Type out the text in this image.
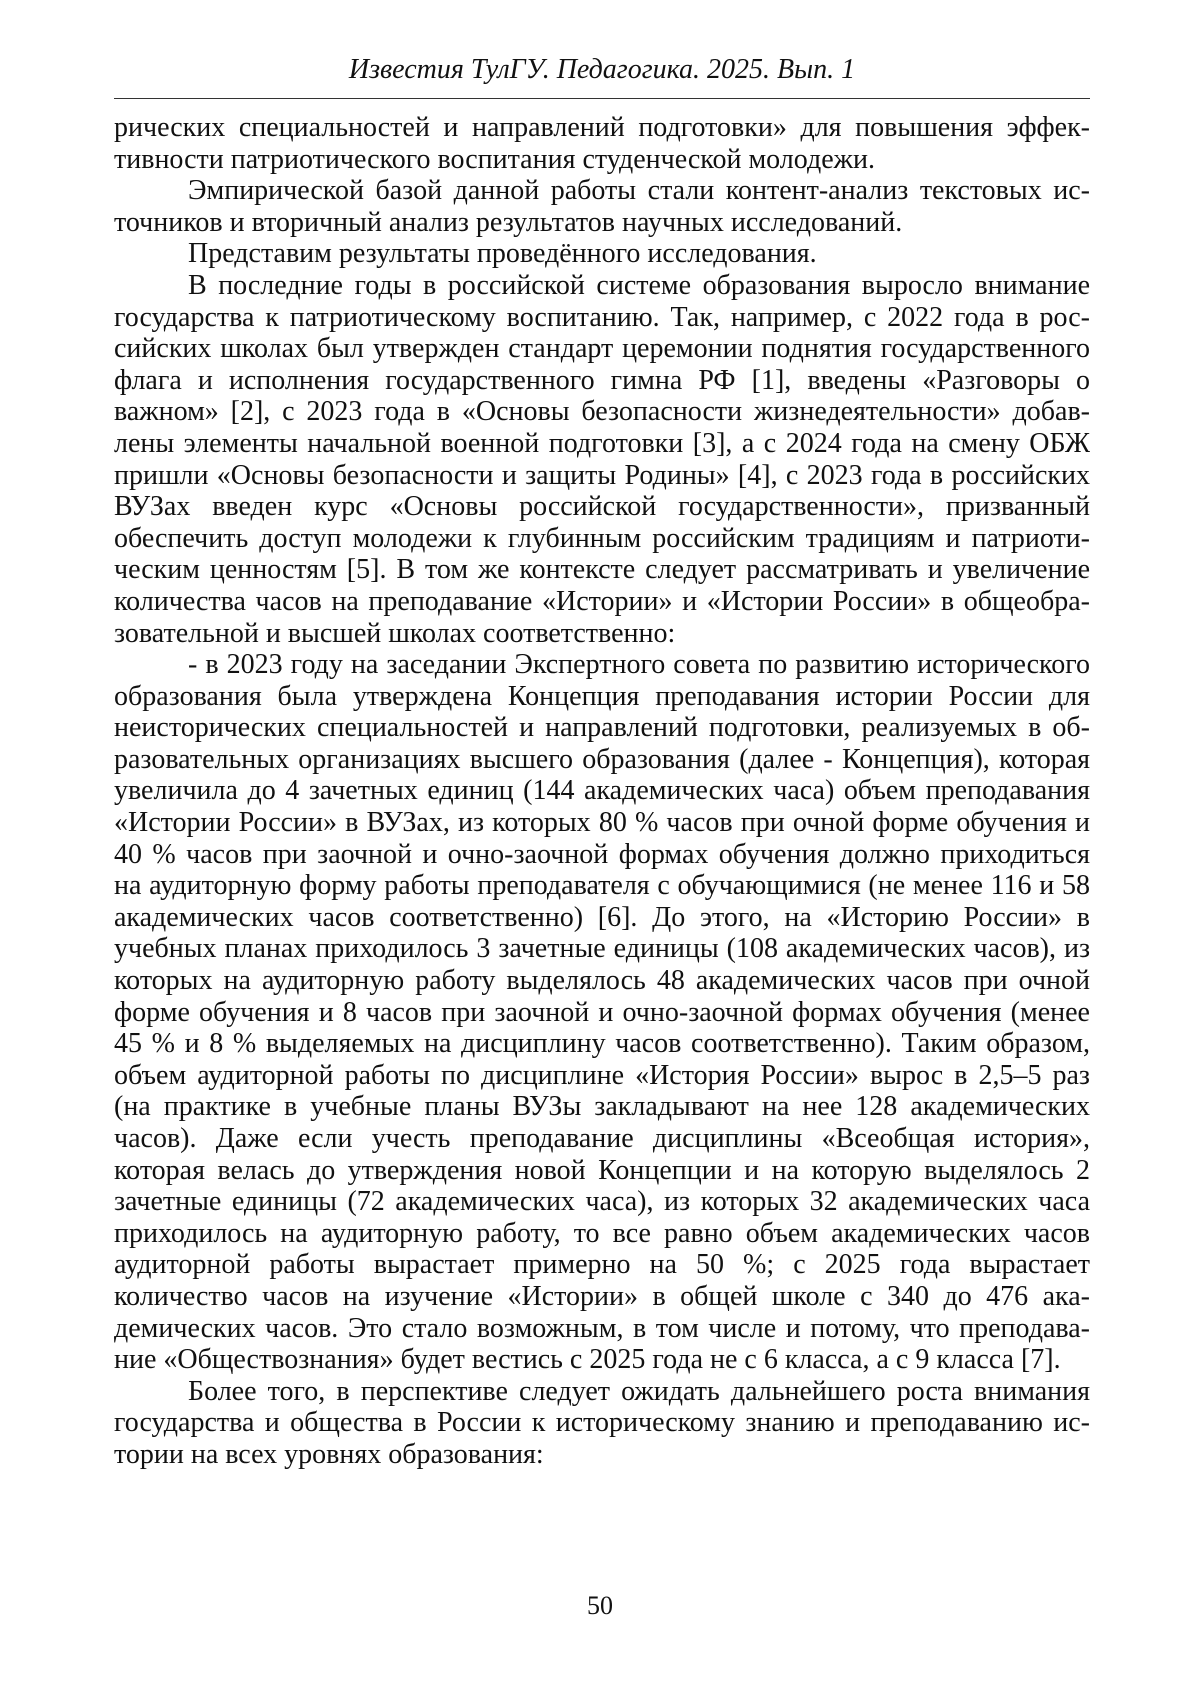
Известия ТулГУ. Педагогика. 2025. Вып. 1

рических специальностей и направлений подготовки» для повышения эффективности патриотического воспитания студенческой молодежи.

Эмпирической базой данной работы стали контент-анализ текстовых источников и вторичный анализ результатов научных исследований.

Представим результаты проведённого исследования.

В последние годы в российской системе образования выросло внимание государства к патриотическому воспитанию. Так, например, с 2022 года в российских школах был утвержден стандарт церемонии поднятия государственного флага и исполнения государственного гимна РФ [1], введены «Разговоры о важном» [2], с 2023 года в «Основы безопасности жизнедеятельности» добавлены элементы начальной военной подготовки [3], а с 2024 года на смену ОБЖ пришли «Основы безопасности и защиты Родины» [4], с 2023 года в российских ВУЗах введен курс «Основы российской государственности», призванный обеспечить доступ молодежи к глубинным российским традициям и патриотическим ценностям [5]. В том же контексте следует рассматривать и увеличение количества часов на преподавание «Истории» и «Истории России» в общеобразовательной и высшей школах соответственно:

- в 2023 году на заседании Экспертного совета по развитию исторического образования была утверждена Концепция преподавания истории России для неисторических специальностей и направлений подготовки, реализуемых в образовательных организациях высшего образования (далее - Концепция), которая увеличила до 4 зачетных единиц (144 академических часа) объем преподавания «Истории России» в ВУЗах, из которых 80 % часов при очной форме обучения и 40 % часов при заочной и очно-заочной формах обучения должно приходиться на аудиторную форму работы преподавателя с обучающимися (не менее 116 и 58 академических часов соответственно) [6]. До этого, на «Историю России» в учебных планах приходилось 3 зачетные единицы (108 академических часов), из которых на аудиторную работу выделялось 48 академических часов при очной форме обучения и 8 часов при заочной и очно-заочной формах обучения (менее 45 % и 8 % выделяемых на дисциплину часов соответственно). Таким образом, объем аудиторной работы по дисциплине «История России» вырос в 2,5–5 раз (на практике в учебные планы ВУЗы закладывают на нее 128 академических часов). Даже если учесть преподавание дисциплины «Всеобщая история», которая велась до утверждения новой Концепции и на которую выделялось 2 зачетные единицы (72 академических часа), из которых 32 академических часа приходилось на аудиторную работу, то все равно объем академических часов аудиторной работы вырастает примерно на 50 %; с 2025 года вырастает количество часов на изучение «Истории» в общей школе с 340 до 476 академических часов. Это стало возможным, в том числе и потому, что преподавание «Обществознания» будет вестись с 2025 года не с 6 класса, а с 9 класса [7].

Более того, в перспективе следует ожидать дальнейшего роста внимания государства и общества в России к историческому знанию и преподаванию истории на всех уровнях образования:

50
